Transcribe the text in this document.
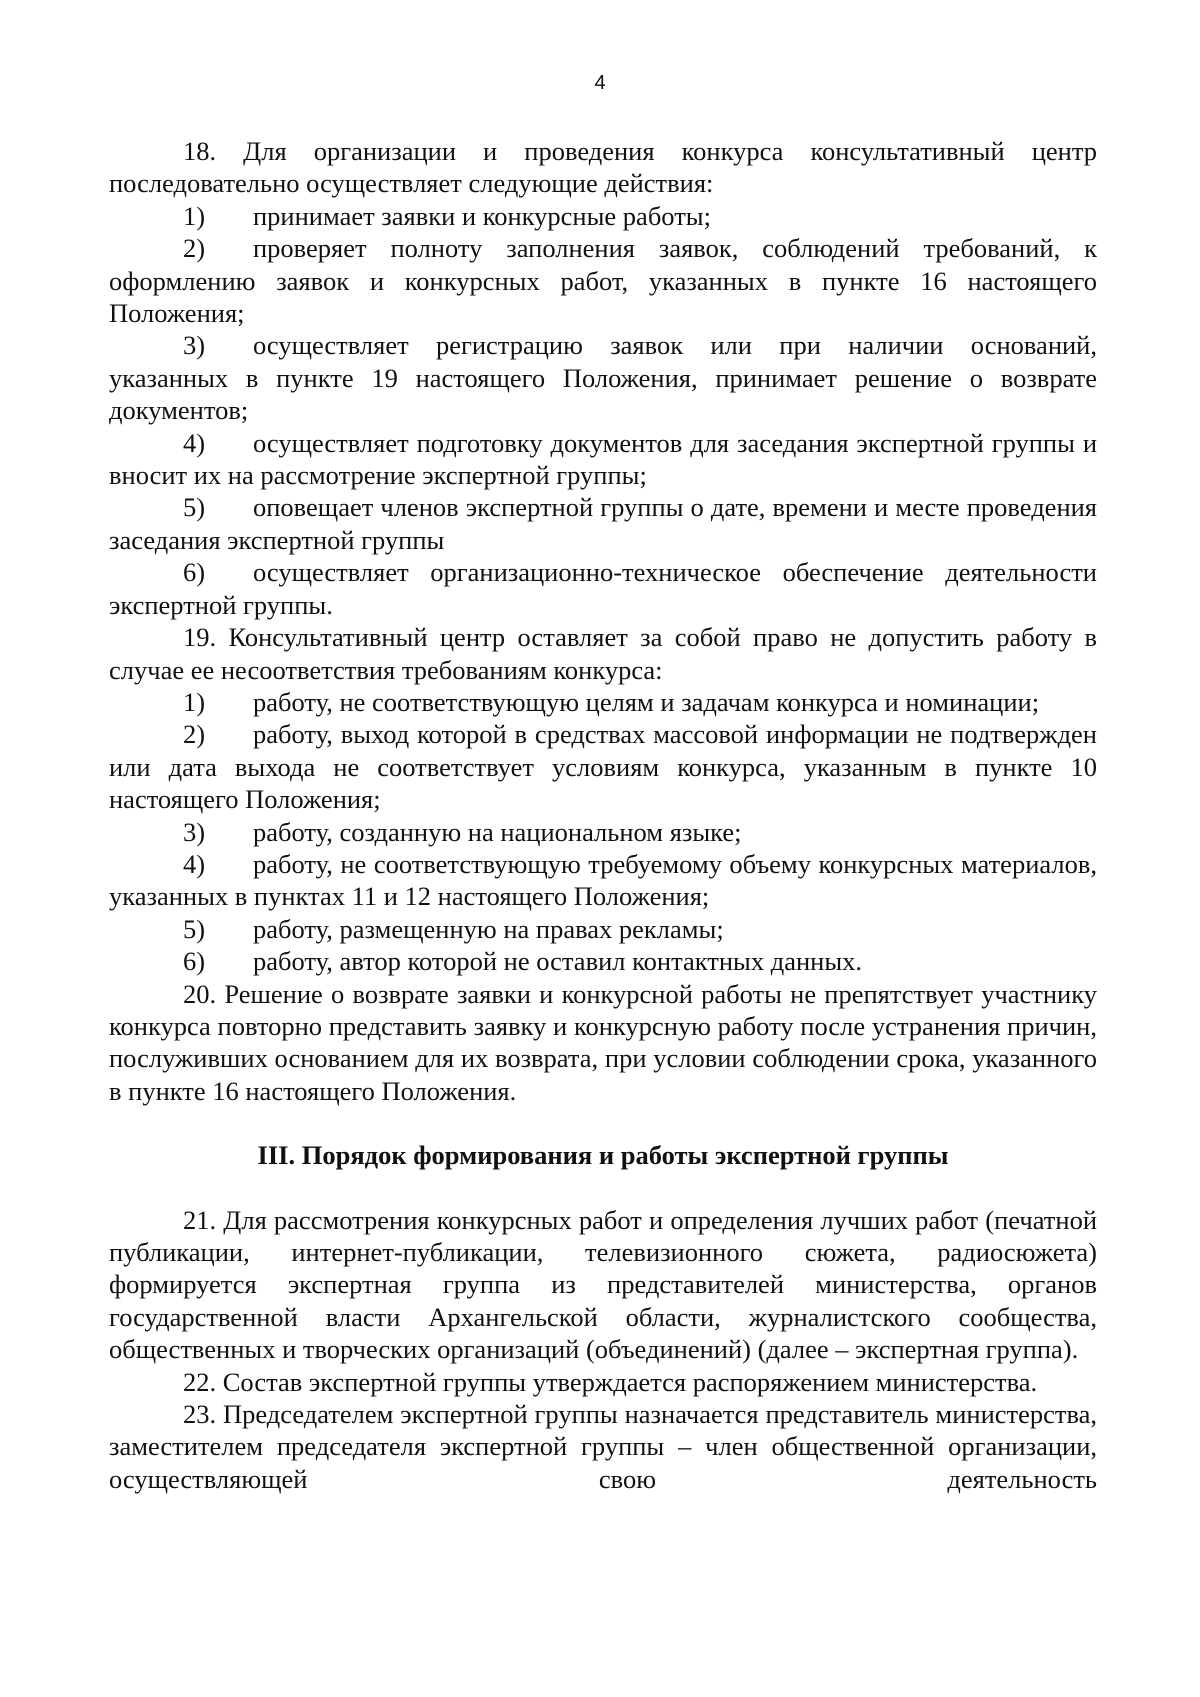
4

18. Для организации и проведения конкурса консультативный центр последовательно осуществляет следующие действия:

1) принимает заявки и конкурсные работы;

2) проверяет полноту заполнения заявок, соблюдений требований, к оформлению заявок и конкурсных работ, указанных в пункте 16 настоящего Положения;

3) осуществляет регистрацию заявок или при наличии оснований, указанных в пункте 19 настоящего Положения, принимает решение о возврате документов;

4) осуществляет подготовку документов для заседания экспертной группы и вносит их на рассмотрение экспертной группы;

5) оповещает членов экспертной группы о дате, времени и месте проведения заседания экспертной группы

6) осуществляет организационно-техническое обеспечение деятельности экспертной группы.

19. Консультативный центр оставляет за собой право не допустить работу в случае ее несоответствия требованиям конкурса:

1) работу, не соответствующую целям и задачам конкурса и номинации;

2) работу, выход которой в средствах массовой информации не подтвержден или дата выхода не соответствует условиям конкурса, указанным в пункте 10 настоящего Положения;

3) работу, созданную на национальном языке;

4) работу, не соответствующую требуемому объему конкурсных материалов, указанных в пунктах 11 и 12 настоящего Положения;

5) работу, размещенную на правах рекламы;

6) работу, автор которой не оставил контактных данных.

20. Решение о возврате заявки и конкурсной работы не препятствует участнику конкурса повторно представить заявку и конкурсную работу после устранения причин, послуживших основанием для их возврата, при условии соблюдении срока, указанного в пункте 16 настоящего Положения.

III. Порядок формирования и работы экспертной группы

21. Для рассмотрения конкурсных работ и определения лучших работ (печатной публикации, интернет-публикации, телевизионного сюжета, радиосюжета) формируется экспертная группа из представителей министерства, органов государственной власти Архангельской области, журналистского сообщества, общественных и творческих организаций (объединений) (далее – экспертная группа).

22. Состав экспертной группы утверждается распоряжением министерства.

23. Председателем экспертной группы назначается представитель министерства, заместителем председателя экспертной группы – член общественной организации, осуществляющей свою деятельность
